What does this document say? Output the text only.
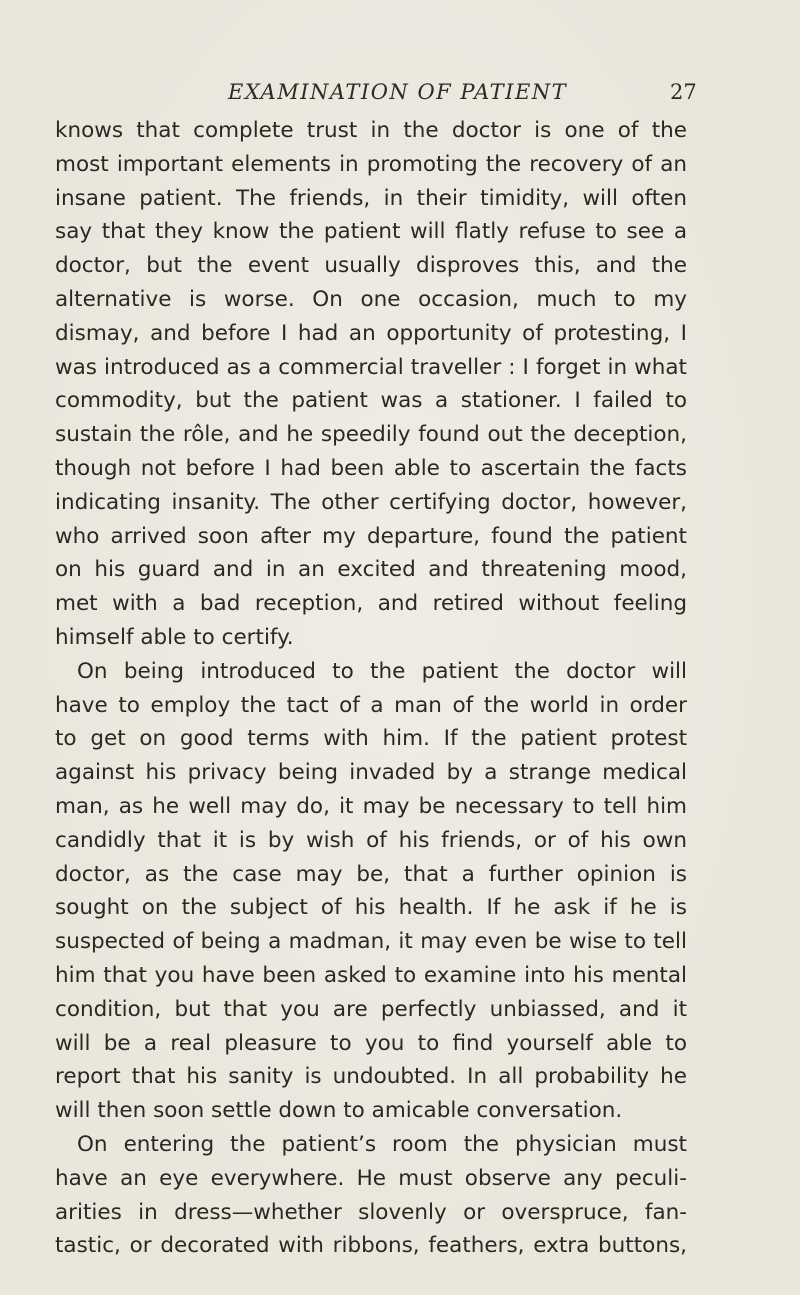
EXAMINATION OF PATIENT	27
knows that complete trust in the doctor is one of the
most important elements in promoting the recovery of an
insane patient. The friends, in their timidity, will often
say that they know the patient will flatly refuse to see a
doctor, but the event usually disproves this, and the
alternative is worse. On one occasion, much to my
dismay, and before I had an opportunity of protesting, I
was introduced as a commercial traveller : I forget in what
commodity, but the patient was a stationer. I failed to
sustain the rôle, and he speedily found out the deception,
though not before I had been able to ascertain the facts
indicating insanity. The other certifying doctor, however,
who arrived soon after my departure, found the patient
on his guard and in an excited and threatening mood,
met with a bad reception, and retired without feeling
himself able to certify.
On being introduced to the patient the doctor will
have to employ the tact of a man of the world in order
to get on good terms with him. If the patient protest
against his privacy being invaded by a strange medical
man, as he well may do, it may be necessary to tell him
candidly that it is by wish of his friends, or of his own
doctor, as the case may be, that a further opinion is
sought on the subject of his health. If he ask if he is
suspected of being a madman, it may even be wise to tell
him that you have been asked to examine into his mental
condition, but that you are perfectly unbiassed, and it
will be a real pleasure to you to find yourself able to
report that his sanity is undoubted. In all probability he
will then soon settle down to amicable conversation.
On entering the patient’s room the physician must
have an eye everywhere. He must observe any peculi-
arities in dress—whether slovenly or overspruce, fan-
tastic, or decorated with ribbons, feathers, extra buttons,
